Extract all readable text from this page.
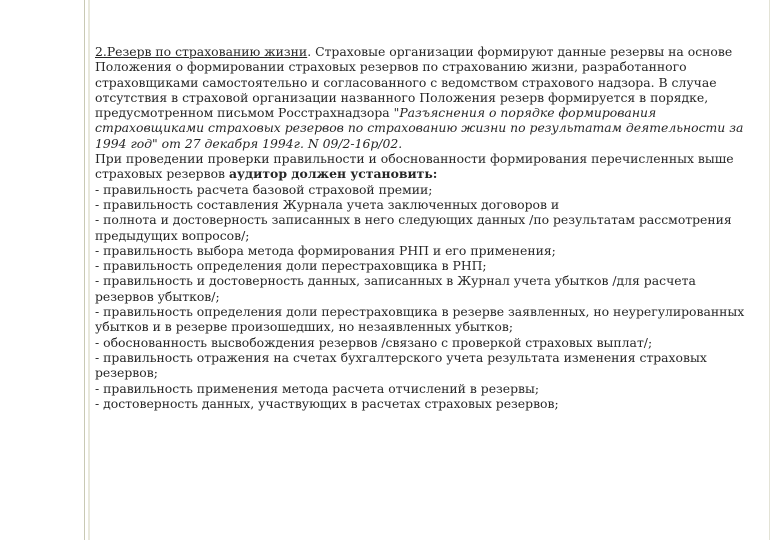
2.Резерв по страхованию жизни. Страховые организации формируют данные резервы на основе Положения о формировании страховых резервов по страхованию жизни, разработанного страховщиками самостоятельно и согласованного с ведомством страхового надзора. В случае отсутствия в страховой организации названного Положения резерв формируется в порядке, предусмотренном письмом Росстрахнадзора "Разъяснения о порядке формирования страховщиками страховых резервов по страхованию жизни по результатам деятельности за 1994 год" от 27 декабря 1994г. N 09/2-16р/02.

При проведении проверки правильности и обоснованности формирования перечисленных выше страховых резервов аудитор должен установить:

- правильность расчета базовой страховой премии;

- правильность составления Журнала учета заключенных договоров и

- полнота и достоверность записанных в него следующих данных /по результатам рассмотрения предыдущих вопросов/;

- правильность выбора метода формирования РНП и его применения;

- правильность определения доли перестраховщика в РНП;

- правильность и достоверность данных, записанных в Журнал учета убытков /для расчета резервов убытков/;

- правильность определения доли перестраховщика в резерве заявленных, но неурегулированных убытков и в резерве произошедших, но незаявленных убытков;

- обоснованность высвобождения резервов /связано с проверкой страховых выплат/;

- правильность отражения на счетах бухгалтерского учета результата изменения страховых резервов;

- правильность применения метода расчета отчислений в резервы;

- достоверность данных, участвующих в расчетах страховых резервов;
